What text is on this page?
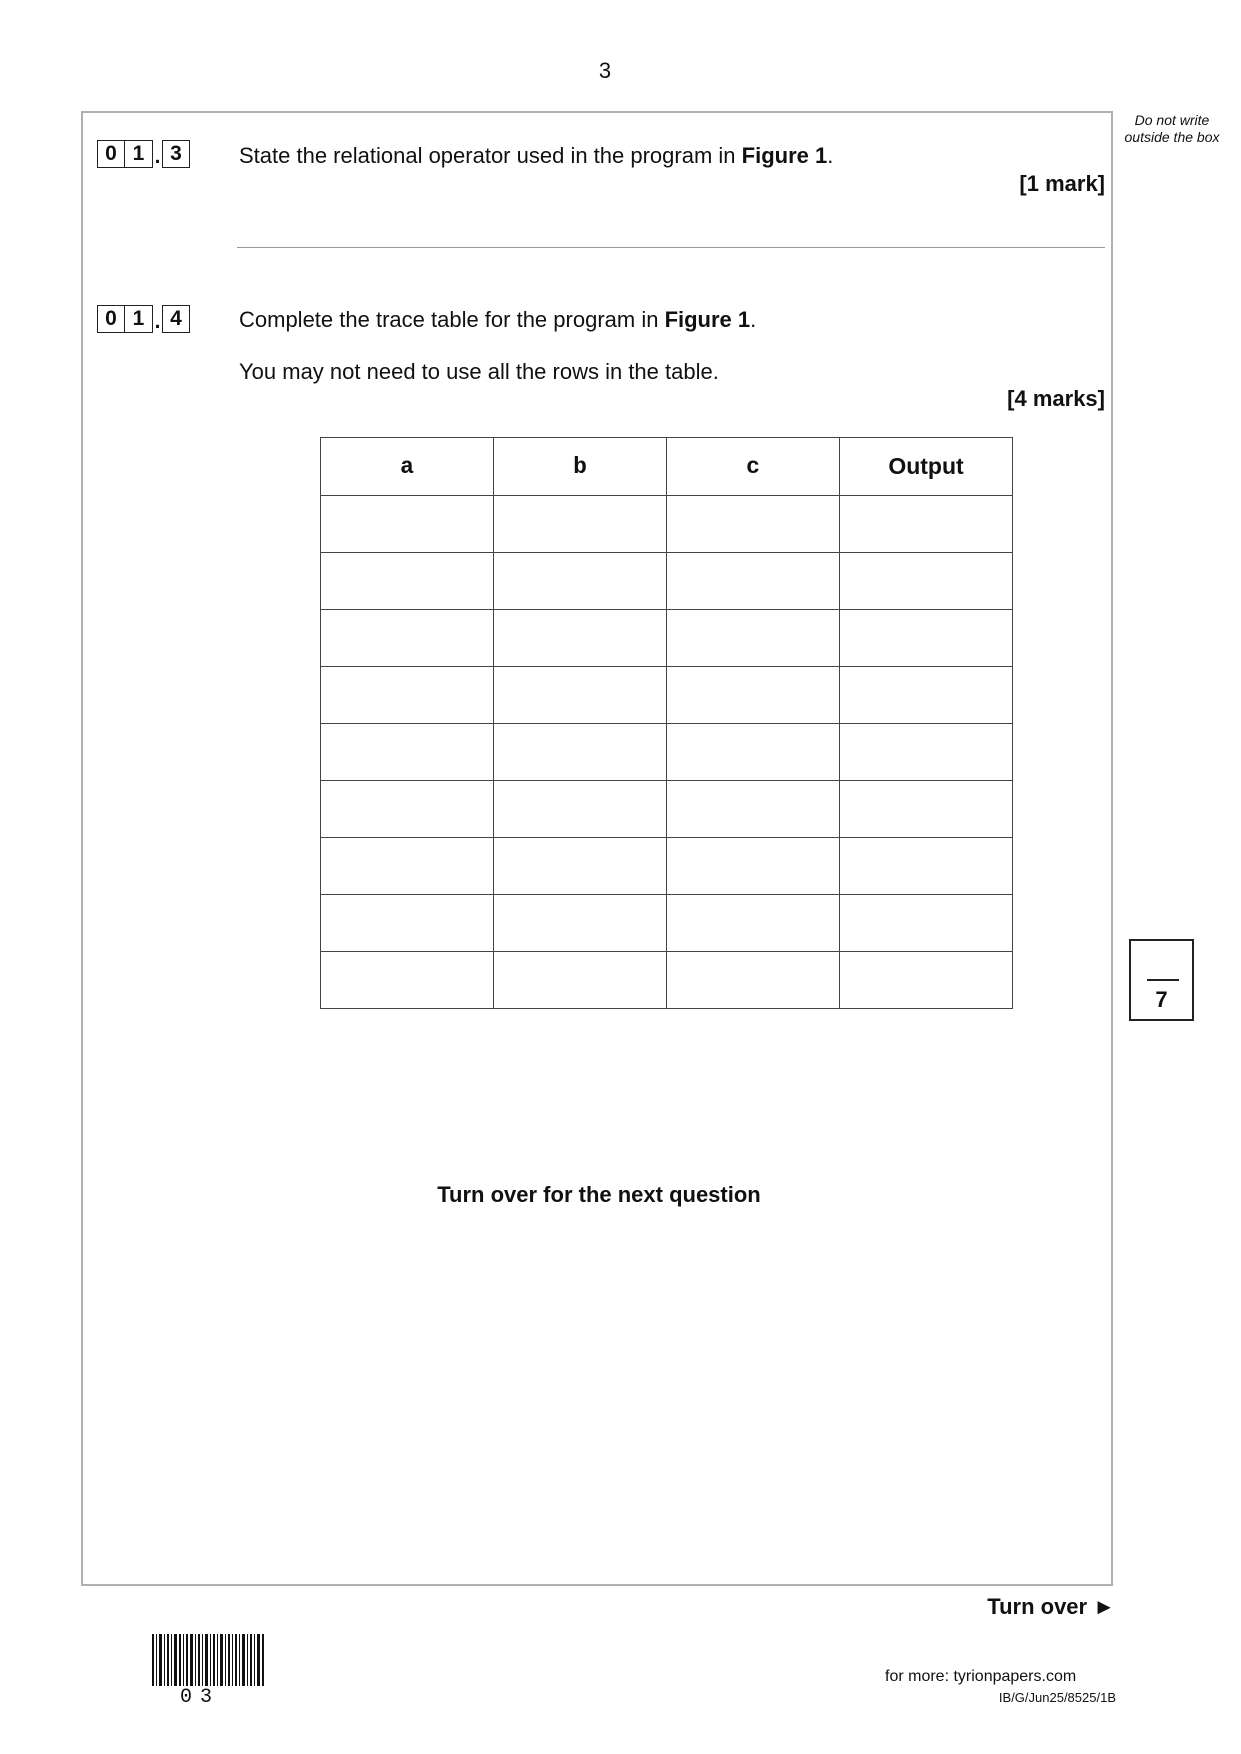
3
Do not write outside the box
0 1 . 3	State the relational operator used in the program in Figure 1.
[1 mark]
0 1 . 4	Complete the trace table for the program in Figure 1.
You may not need to use all the rows in the table.
[4 marks]
a	b	c	Output

7
Turn over for the next question
Turn over ►
03
for more: tyrionpapers.com
IB/G/Jun25/8525/1B
